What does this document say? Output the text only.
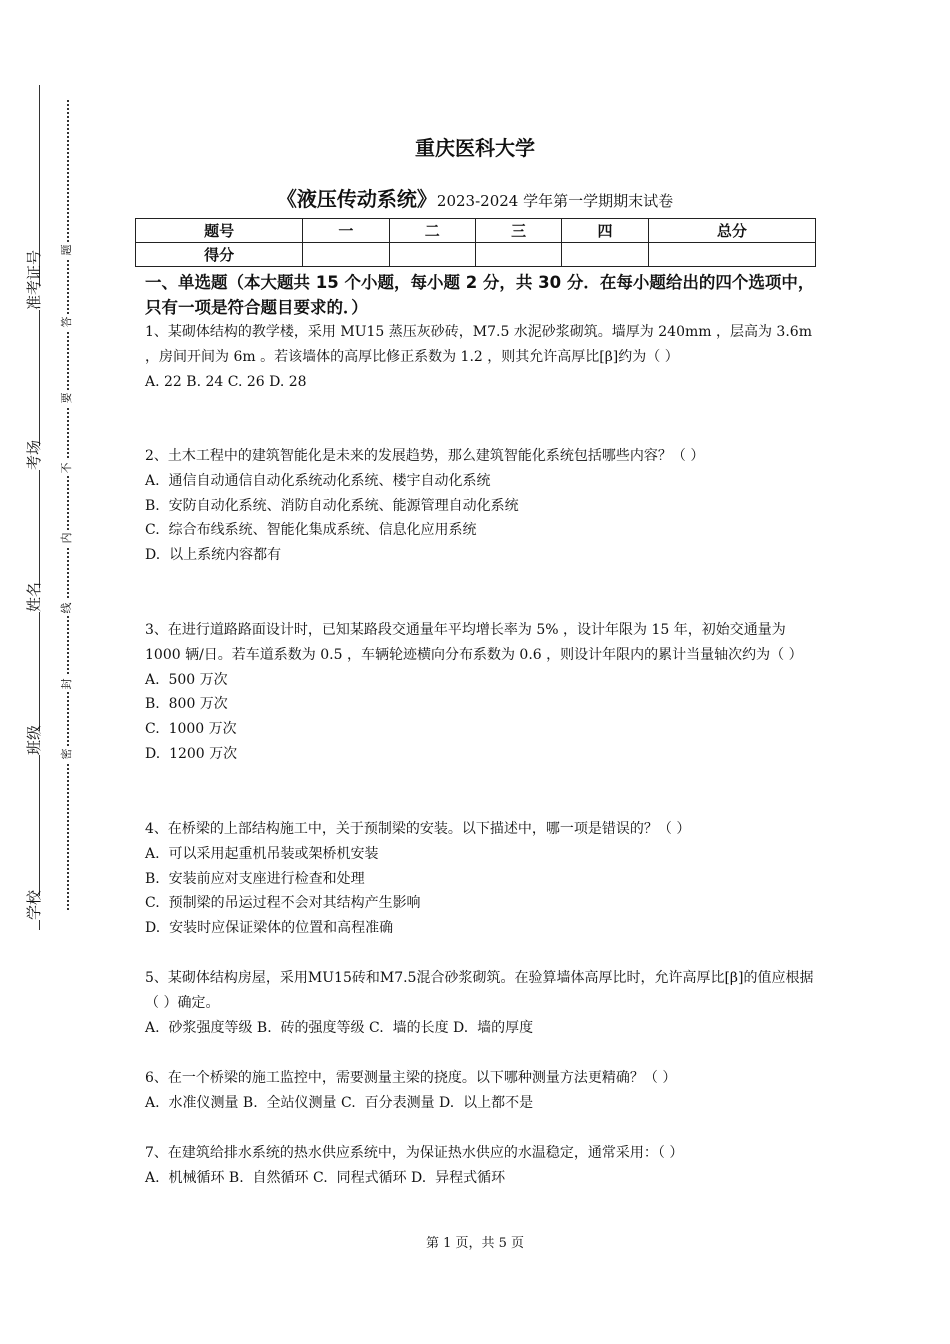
准考证号
考场
姓名
班级
学校
题
答
要
不
内
线
封
密
重庆医科大学
《液压传动系统》2023-2024 学年第一学期期末试卷
题号	一	二	三	四	总分
得分					
一、单选题（本大题共 15 个小题，每小题 2 分，共 30 分．在每小题给出的四个选项中，只有一项是符合题目要求的．）

1、某砌体结构的教学楼，采用 MU15 蒸压灰砂砖，M7.5 水泥砂浆砌筑。墙厚为 240mm ，层高为 3.6m ，房间开间为 6m 。若该墙体的高厚比修正系数为 1.2 ，则其允许高厚比[β]约为（ ）

A. 22 B. 24 C. 26 D. 28

2、土木工程中的建筑智能化是未来的发展趋势，那么建筑智能化系统包括哪些内容？（ ）

A.  通信自动通信自动化系统动化系统、楼宇自动化系统

B.  安防自动化系统、消防自动化系统、能源管理自动化系统

C.  综合布线系统、智能化集成系统、信息化应用系统

D.  以上系统内容都有

3、在进行道路路面设计时，已知某路段交通量年平均增长率为 5% ，设计年限为 15 年，初始交通量为 1000 辆/日。若车道系数为 0.5 ，车辆轮迹横向分布系数为 0.6 ，则设计年限内的累计当量轴次约为（ ）

A.  500 万次

B.  800 万次

C.  1000 万次

D.  1200 万次

4、在桥梁的上部结构施工中，关于预制梁的安装。以下描述中，哪一项是错误的？（ ）

A.  可以采用起重机吊装或架桥机安装

B.  安装前应对支座进行检查和处理

C.  预制梁的吊运过程不会对其结构产生影响

D.  安装时应保证梁体的位置和高程准确

5、某砌体结构房屋，采用MU15砖和M7.5混合砂浆砌筑。在验算墙体高厚比时，允许高厚比[β]的值应根据（ ）确定。

A.  砂浆强度等级 B.  砖的强度等级 C.  墙的长度 D.  墙的厚度

6、在一个桥梁的施工监控中，需要测量主梁的挠度。以下哪种测量方法更精确？（ ）

A.  水准仪测量 B.  全站仪测量 C.  百分表测量 D.  以上都不是

7、在建筑给排水系统的热水供应系统中，为保证热水供应的水温稳定，通常采用：（ ）

A.  机械循环 B.  自然循环 C.  同程式循环 D.  异程式循环

第 1 页，共 5 页
